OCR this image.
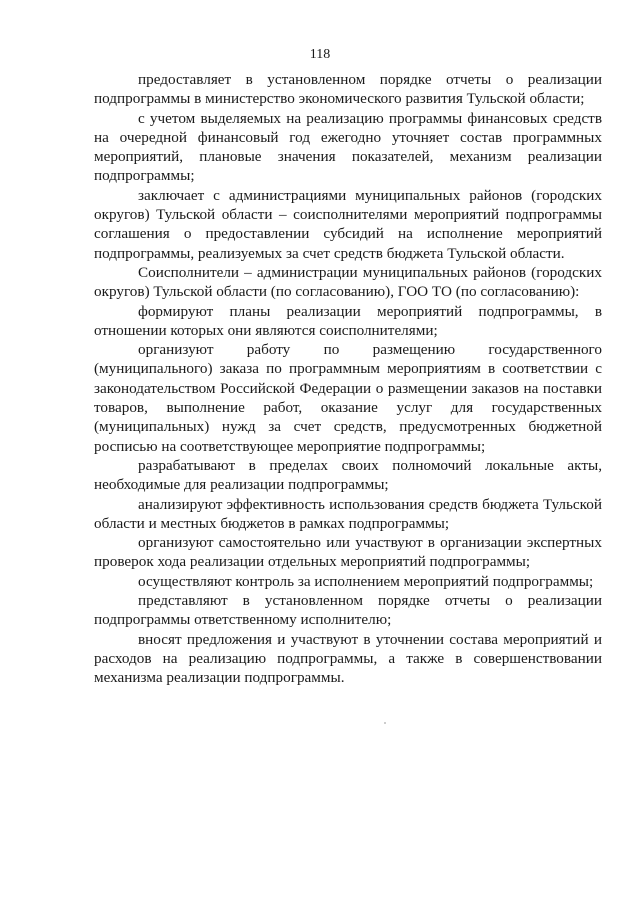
118

предоставляет в установленном порядке отчеты о реализации подпрограммы в министерство экономического развития Тульской области;

с учетом выделяемых на реализацию программы финансовых средств на очередной финансовый год ежегодно уточняет состав программных мероприятий, плановые значения показателей, механизм реализации подпрограммы;

заключает с администрациями муниципальных районов (городских округов) Тульской области – соисполнителями мероприятий подпрограммы соглашения о предоставлении субсидий на исполнение мероприятий подпрограммы, реализуемых за счет средств бюджета Тульской области.

Соисполнители – администрации муниципальных районов (городских округов) Тульской области (по согласованию), ГОО ТО (по согласованию):

формируют планы реализации мероприятий подпрограммы, в отношении которых они являются соисполнителями;

организуют работу по размещению государственного (муниципального) заказа по программным мероприятиям в соответствии с законодательством Российской Федерации о размещении заказов на поставки товаров, выполнение работ, оказание услуг для государственных (муниципальных) нужд за счет средств, предусмотренных бюджетной росписью на соответствующее мероприятие подпрограммы;

разрабатывают в пределах своих полномочий локальные акты, необходимые для реализации подпрограммы;

анализируют эффективность использования средств бюджета Тульской области и местных бюджетов в рамках подпрограммы;

организуют самостоятельно или участвуют в организации экспертных проверок хода реализации отдельных мероприятий подпрограммы;

осуществляют контроль за исполнением мероприятий подпрограммы;

представляют в установленном порядке отчеты о реализации подпрограммы ответственному исполнителю;

вносят предложения и участвуют в уточнении состава мероприятий и расходов на реализацию подпрограммы, а также в совершенствовании механизма реализации подпрограммы.
